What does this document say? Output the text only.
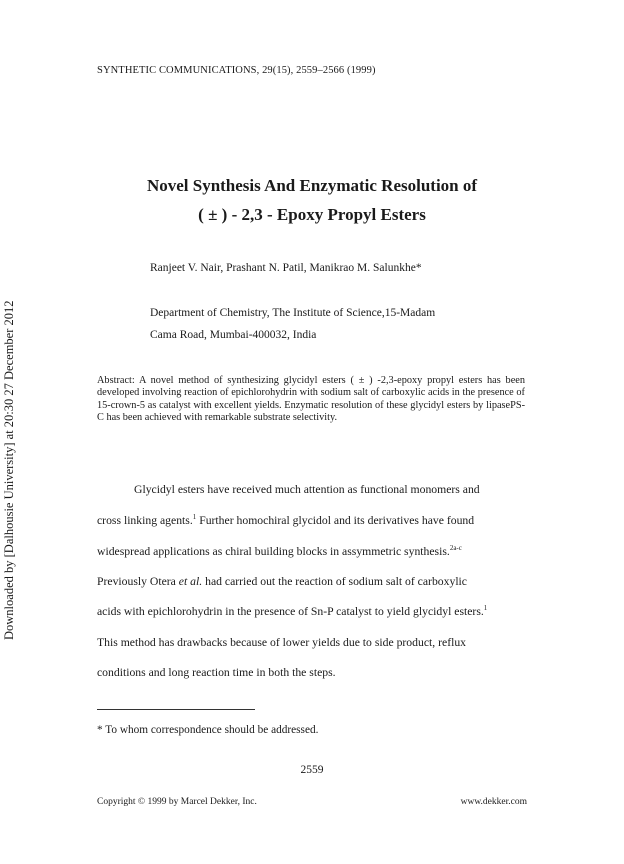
SYNTHETIC COMMUNICATIONS, 29(15), 2559–2566 (1999)
Downloaded by [Dalhousie University] at 20:30 27 December 2012
Novel Synthesis And Enzymatic Resolution of
( ± ) - 2,3 - Epoxy Propyl Esters
Ranjeet V. Nair, Prashant N. Patil, Manikrao M. Salunkhe*
Department of Chemistry, The Institute of Science,15-Madam
Cama Road, Mumbai-400032, India
Abstract: A novel method of synthesizing glycidyl esters ( ± ) -2,3-epoxy propyl esters has been developed involving reaction of epichlorohydrin with sodium salt of carboxylic acids in the presence of 15-crown-5 as catalyst with excellent yields. Enzymatic resolution of these glycidyl esters by lipasePS-C has been achieved with remarkable substrate selectivity.
Glycidyl esters have received much attention as functional monomers and
cross linking agents.$^1$ Further homochiral glycidol and its derivatives have found
widespread applications as chiral building blocks in assymmetric synthesis.$^{2a-c}$
Previously Otera et al. had carried out the reaction of sodium salt of carboxylic
acids with epichlorohydrin in the presence of Sn-P catalyst to yield glycidyl esters.$^1$
This method has drawbacks because of lower yields due to side product, reflux
conditions and long reaction time in both the steps.
* To whom correspondence should be addressed.
2559
Copyright © 1999 by Marcel Dekker, Inc.	www.dekker.com
